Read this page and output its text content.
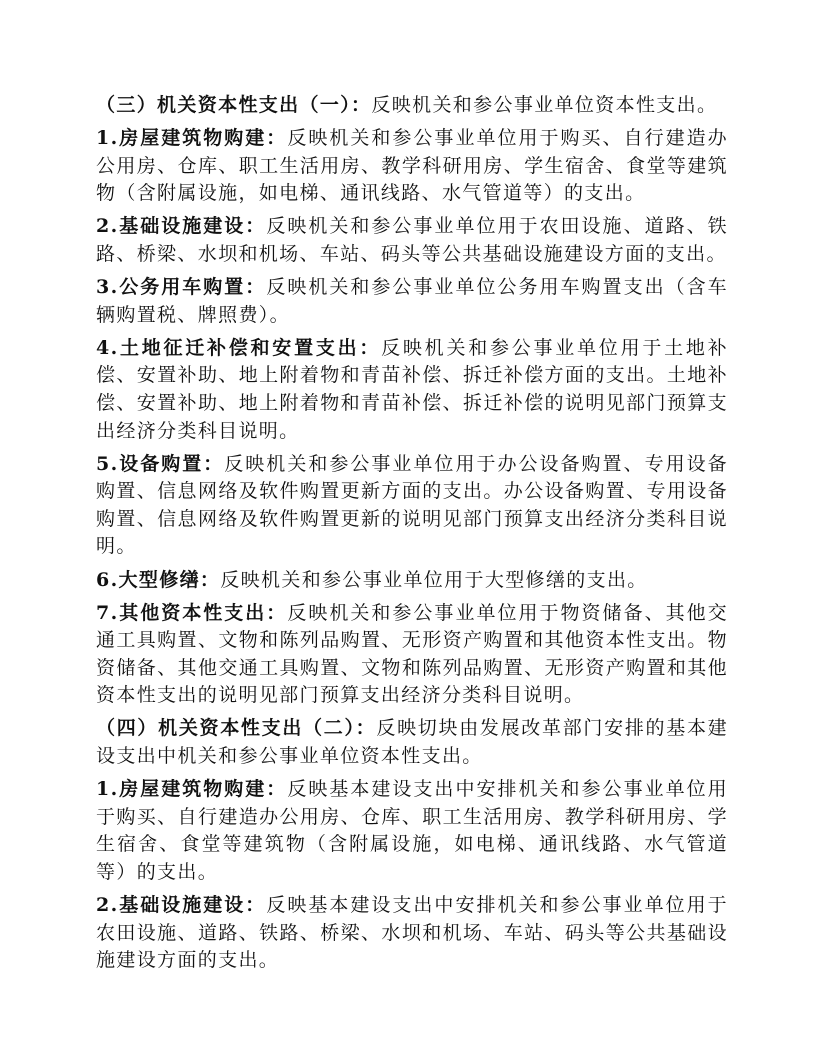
（三）机关资本性支出（一）：反映机关和参公事业单位资本性支出。

1.房屋建筑物购建：反映机关和参公事业单位用于购买、自行建造办公用房、仓库、职工生活用房、教学科研用房、学生宿舍、食堂等建筑物（含附属设施，如电梯、通讯线路、水气管道等）的支出。

2.基础设施建设：反映机关和参公事业单位用于农田设施、道路、铁路、桥梁、水坝和机场、车站、码头等公共基础设施建设方面的支出。

3.公务用车购置：反映机关和参公事业单位公务用车购置支出（含车辆购置税、牌照费）。

4.土地征迁补偿和安置支出：反映机关和参公事业单位用于土地补偿、安置补助、地上附着物和青苗补偿、拆迁补偿方面的支出。土地补偿、安置补助、地上附着物和青苗补偿、拆迁补偿的说明见部门预算支出经济分类科目说明。

5.设备购置：反映机关和参公事业单位用于办公设备购置、专用设备购置、信息网络及软件购置更新方面的支出。办公设备购置、专用设备购置、信息网络及软件购置更新的说明见部门预算支出经济分类科目说明。

6.大型修缮：反映机关和参公事业单位用于大型修缮的支出。

7.其他资本性支出：反映机关和参公事业单位用于物资储备、其他交通工具购置、文物和陈列品购置、无形资产购置和其他资本性支出。物资储备、其他交通工具购置、文物和陈列品购置、无形资产购置和其他资本性支出的说明见部门预算支出经济分类科目说明。

（四）机关资本性支出（二）：反映切块由发展改革部门安排的基本建设支出中机关和参公事业单位资本性支出。

1.房屋建筑物购建：反映基本建设支出中安排机关和参公事业单位用于购买、自行建造办公用房、仓库、职工生活用房、教学科研用房、学生宿舍、食堂等建筑物（含附属设施，如电梯、通讯线路、水气管道等）的支出。

2.基础设施建设：反映基本建设支出中安排机关和参公事业单位用于农田设施、道路、铁路、桥梁、水坝和机场、车站、码头等公共基础设施建设方面的支出。
